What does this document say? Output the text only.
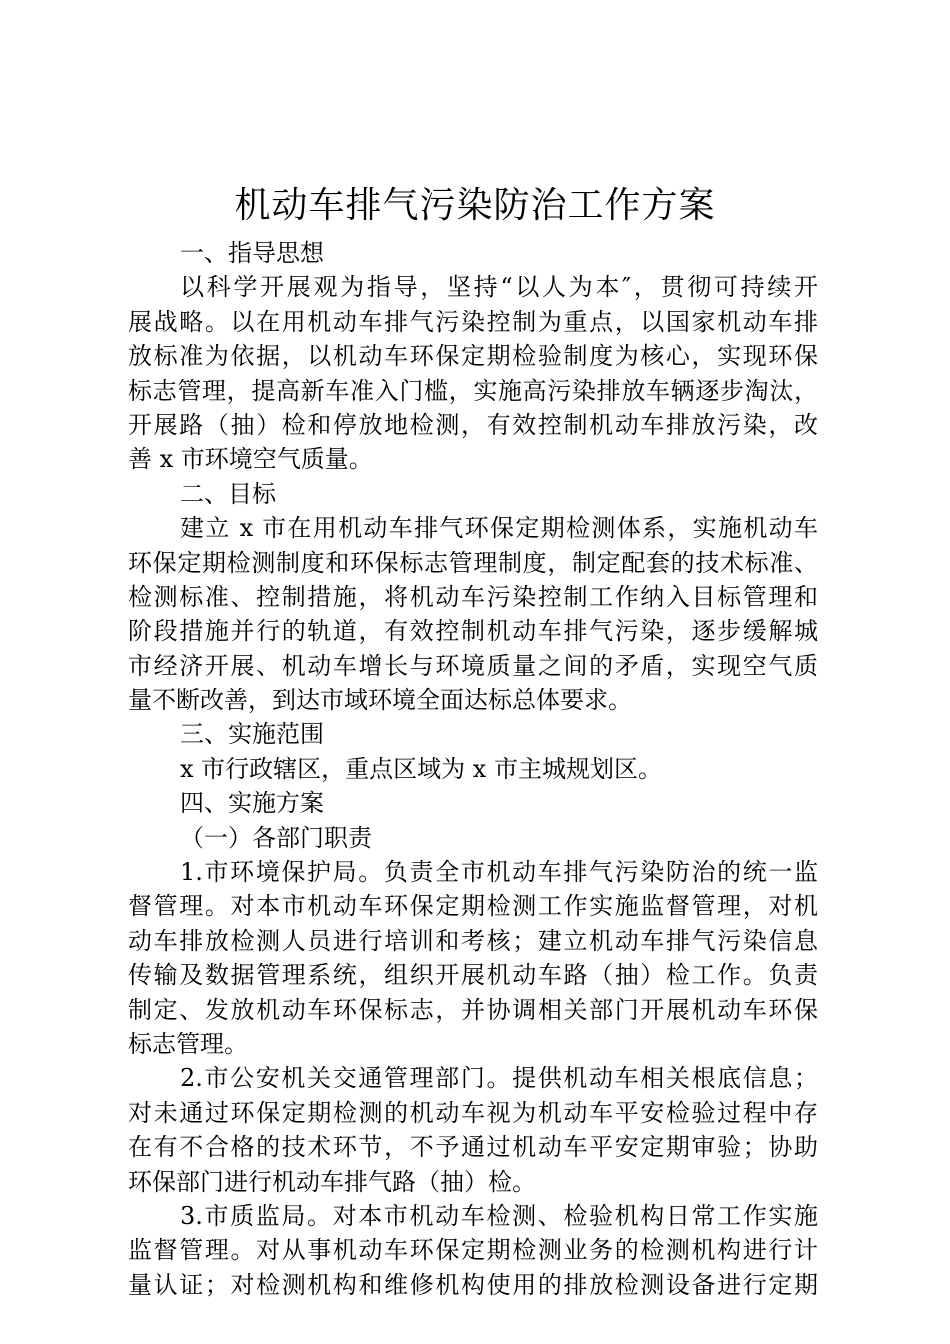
机动车排气污染防治工作方案
一、指导思想
以科学开展观为指导，坚持“以人为本″，贯彻可持续开
展战略。以在用机动车排气污染控制为重点，以国家机动车排
放标准为依据，以机动车环保定期检验制度为核心，实现环保
标志管理，提高新车准入门槛，实施高污染排放车辆逐步淘汰，
开展路（抽）检和停放地检测，有效控制机动车排放污染，改
善 x 市环境空气质量。
二、目标
建立 x 市在用机动车排气环保定期检测体系，实施机动车
环保定期检测制度和环保标志管理制度，制定配套的技术标准、
检测标准、控制措施，将机动车污染控制工作纳入目标管理和
阶段措施并行的轨道，有效控制机动车排气污染，逐步缓解城
市经济开展、机动车增长与环境质量之间的矛盾，实现空气质
量不断改善，到达市域环境全面达标总体要求。
三、实施范围
x 市行政辖区，重点区域为 x 市主城规划区。
四、实施方案
（一）各部门职责
1.市环境保护局。负责全市机动车排气污染防治的统一监
督管理。对本市机动车环保定期检测工作实施监督管理，对机
动车排放检测人员进行培训和考核；建立机动车排气污染信息
传输及数据管理系统，组织开展机动车路（抽）检工作。负责
制定、发放机动车环保标志，并协调相关部门开展机动车环保
标志管理。
2.市公安机关交通管理部门。提供机动车相关根底信息；
对未通过环保定期检测的机动车视为机动车平安检验过程中存
在有不合格的技术环节，不予通过机动车平安定期审验；协助
环保部门进行机动车排气路（抽）检。
3.市质监局。对本市机动车检测、检验机构日常工作实施
监督管理。对从事机动车环保定期检测业务的检测机构进行计
量认证；对检测机构和维修机构使用的排放检测设备进行定期
